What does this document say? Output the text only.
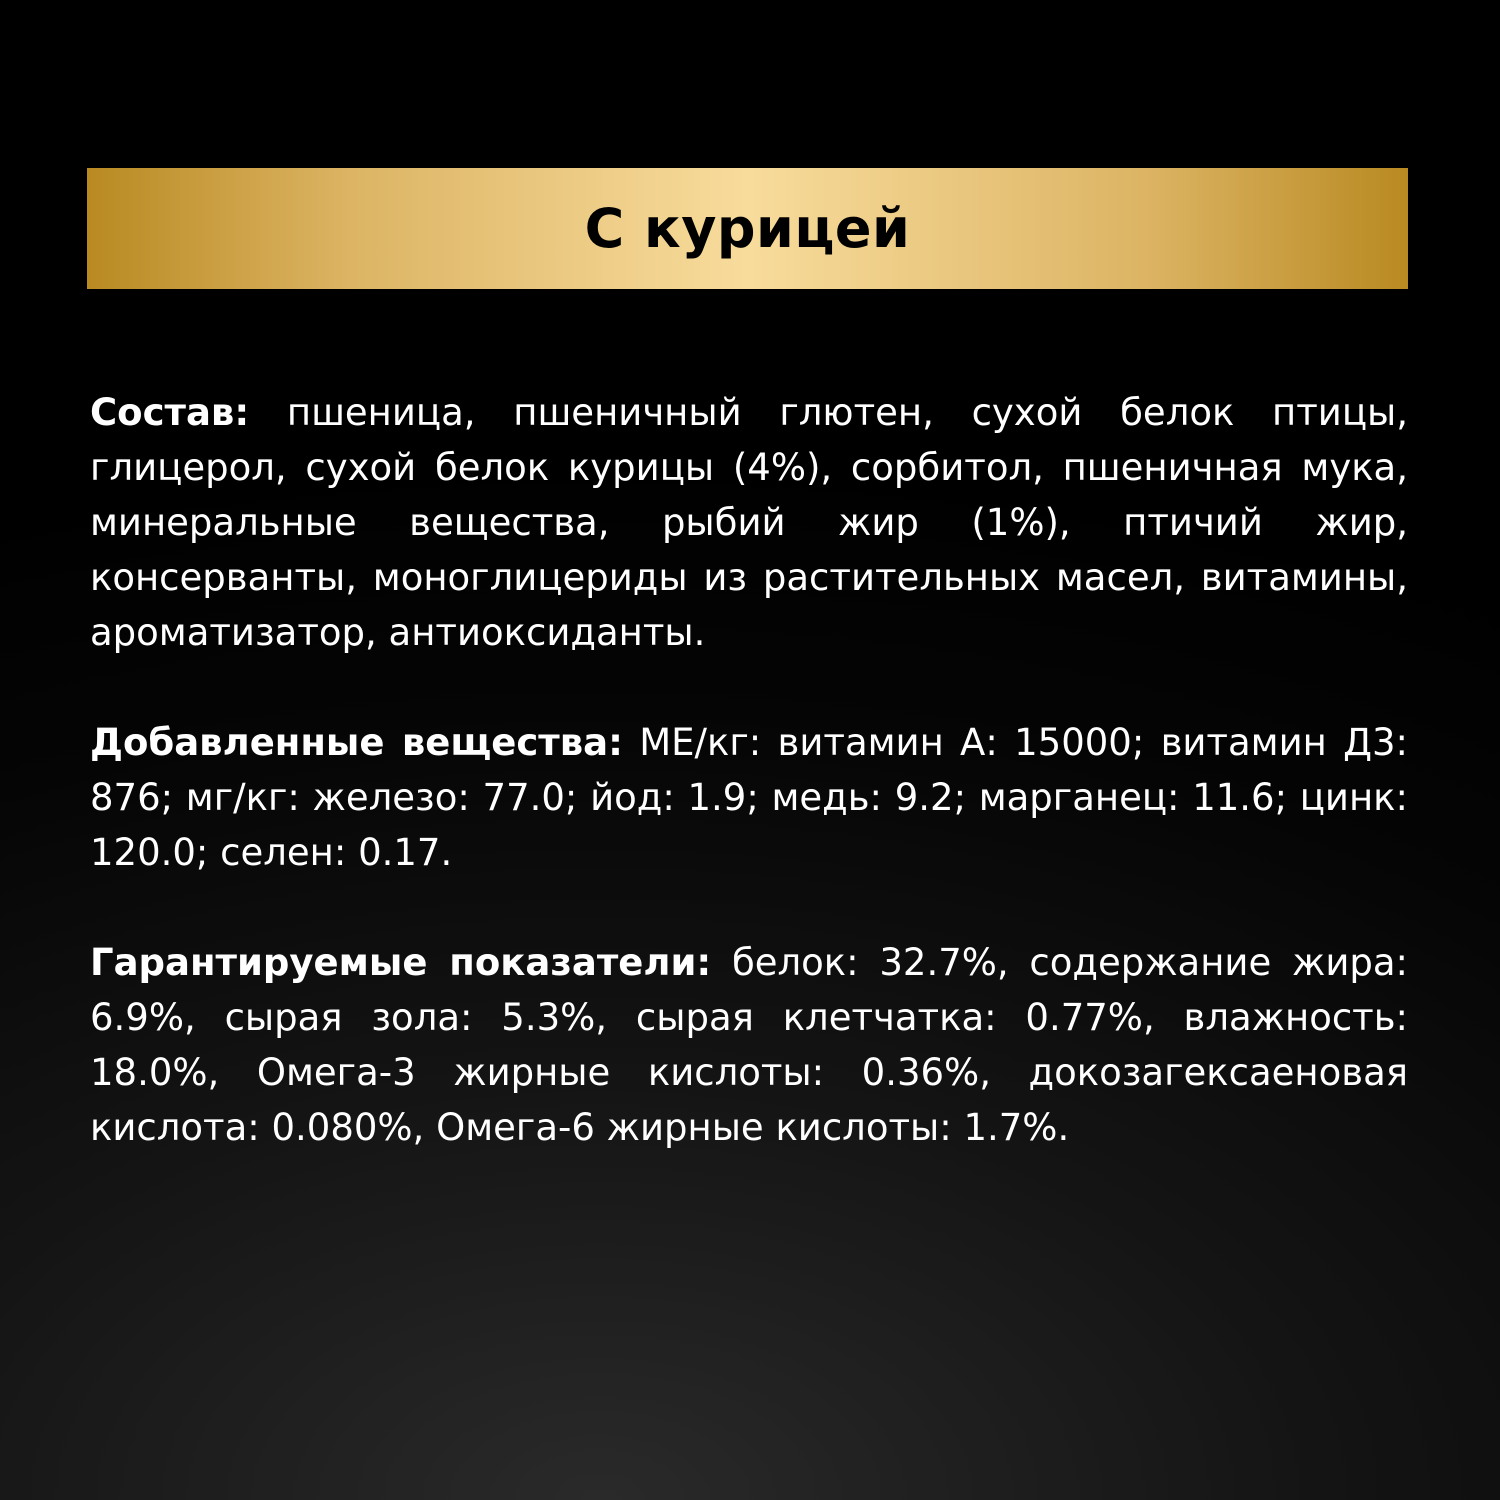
С курицей

Состав: пшеница, пшеничный глютен, сухой белок птицы, глицерол, сухой белок курицы (4%), сорбитол, пшеничная мука, минеральные вещества, рыбий жир (1%), птичий жир, консерванты, моноглицериды из растительных масел, витамины, ароматизатор, антиоксиданты.

Добавленные вещества: МЕ/кг: витамин А: 15000; витамин Д3: 876; мг/кг: железо: 77.0; йод: 1.9; медь: 9.2; марганец: 11.6; цинк: 120.0; селен: 0.17.

Гарантируемые показатели: белок: 32.7%, содержание жира: 6.9%, сырая зола: 5.3%, сырая клетчатка: 0.77%, влажность: 18.0%, Омега-3 жирные кислоты: 0.36%, докозагексаеновая кислота: 0.080%, Омега-6 жирные кислоты: 1.7%.
